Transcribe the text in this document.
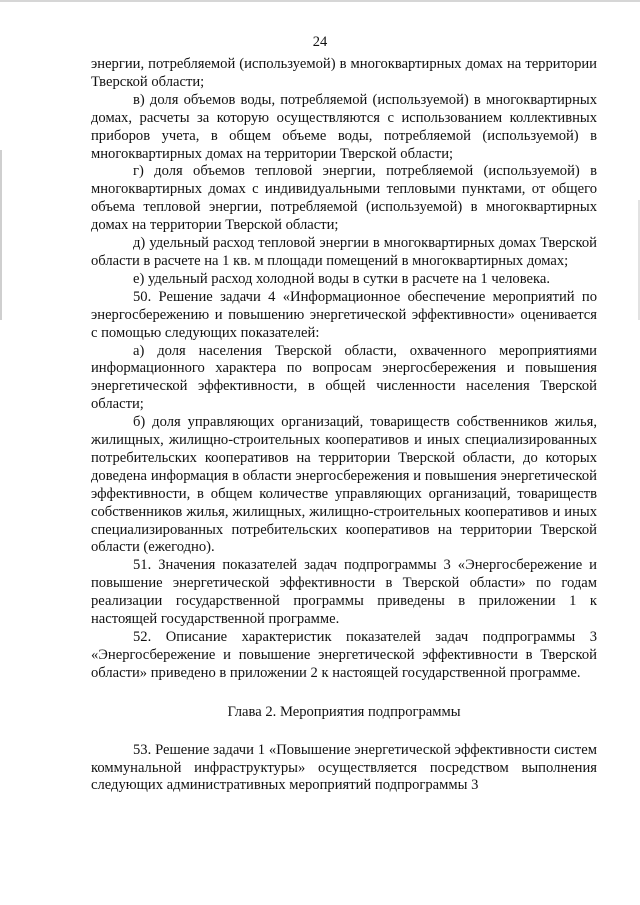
24

энергии, потребляемой (используемой) в многоквартирных домах на территории Тверской области;

в) доля объемов воды, потребляемой (используемой) в многоквартирных домах, расчеты за которую осуществляются с использованием коллективных приборов учета, в общем объеме воды, потребляемой (используемой) в многоквартирных домах на территории Тверской области;

г) доля объемов тепловой энергии, потребляемой (используемой) в многоквартирных домах с индивидуальными тепловыми пунктами, от общего объема тепловой энергии, потребляемой (используемой) в многоквартирных домах на территории Тверской области;

д) удельный расход тепловой энергии в многоквартирных домах Тверской области в расчете на 1 кв. м площади помещений в многоквартирных домах;

е) удельный расход холодной воды в сутки в расчете на 1 человека.

50. Решение задачи 4 «Информационное обеспечение мероприятий по энергосбережению и повышению энергетической эффективности» оценивается с помощью следующих показателей:

а) доля населения Тверской области, охваченного мероприятиями информационного характера по вопросам энергосбережения и повышения энергетической эффективности, в общей численности населения Тверской области;

б) доля управляющих организаций, товариществ собственников жилья, жилищных, жилищно-строительных кооперативов и иных специализированных потребительских кооперативов на территории Тверской области, до которых доведена информация в области энергосбережения и повышения энергетической эффективности, в общем количестве управляющих организаций, товариществ собственников жилья, жилищных, жилищно-строительных кооперативов и иных специализированных потребительских кооперативов на территории Тверской области (ежегодно).

51. Значения показателей задач подпрограммы 3 «Энергосбережение и повышение энергетической эффективности в Тверской области» по годам реализации государственной программы приведены в приложении 1 к настоящей государственной программе.

52. Описание характеристик показателей задач подпрограммы 3 «Энергосбережение и повышение энергетической эффективности в Тверской области» приведено в приложении 2 к настоящей государственной программе.

Глава 2. Мероприятия подпрограммы

53. Решение задачи 1 «Повышение энергетической эффективности систем коммунальной инфраструктуры» осуществляется посредством выполнения следующих административных мероприятий подпрограммы 3
